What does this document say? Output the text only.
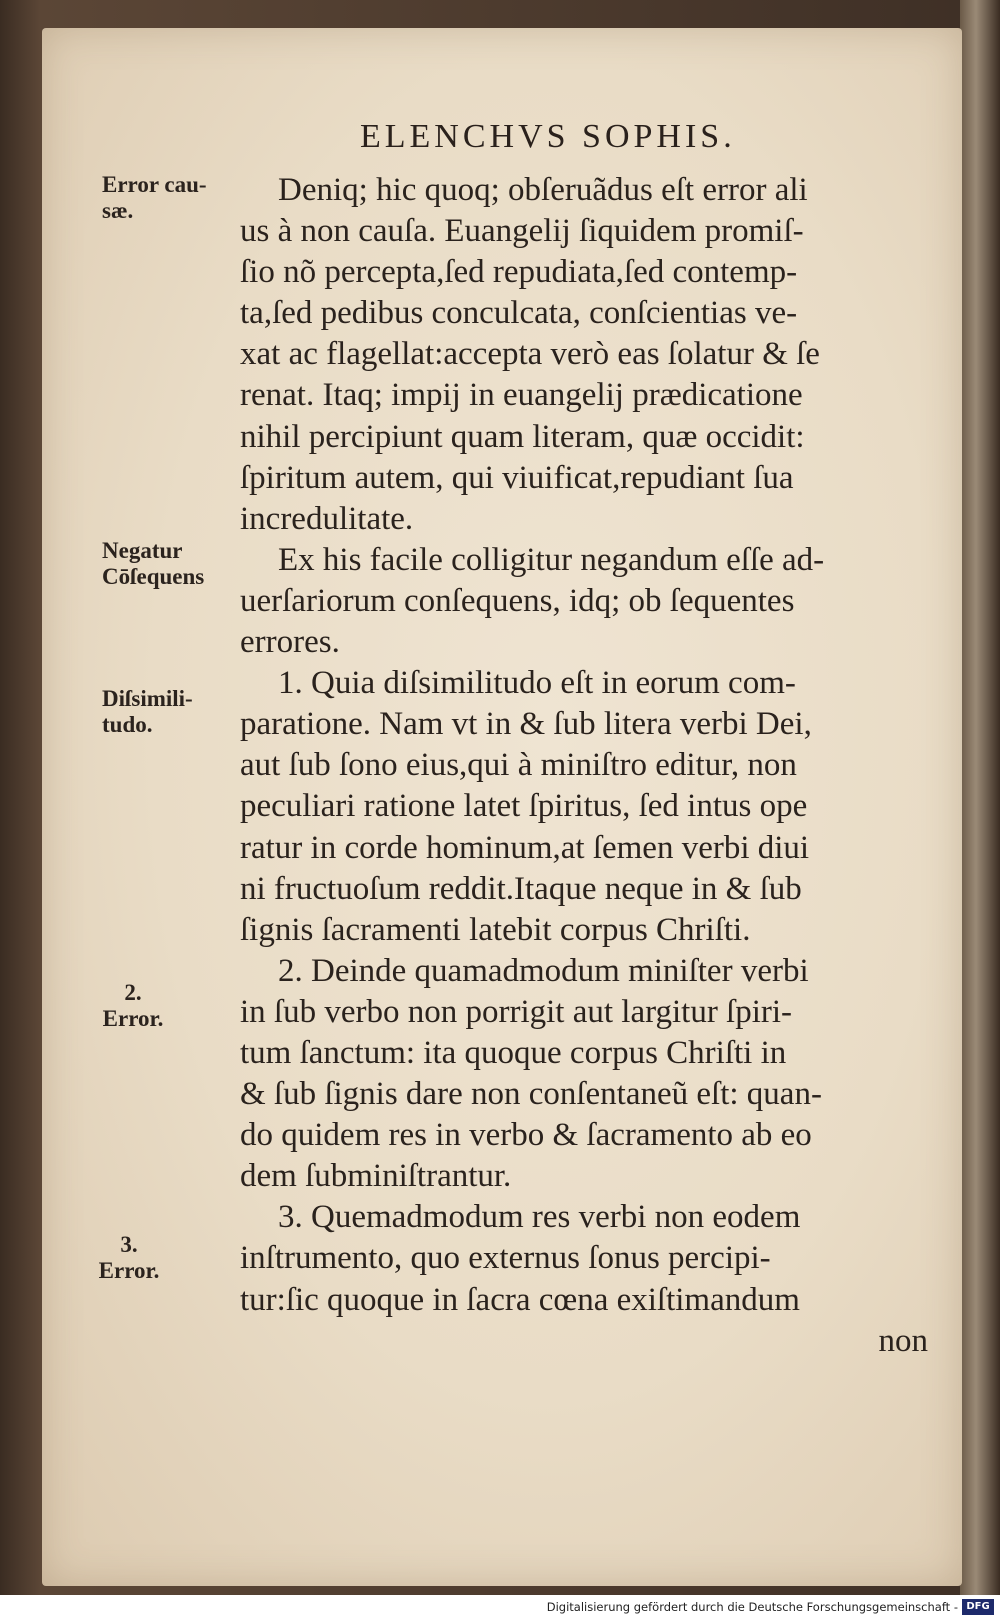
ELENCHVS SOPHIS.
Error cau-
sæ.
Negatur
Cōſequens
Diſsimili-
tudo.
2.
Error.
3.
Error.
Deniq; hic quoq; obſeruãdus eſt error ali
us à non cauſa. Euangelij ſiquidem promiſ-
ſio nõ percepta,ſed repudiata,ſed contemp-
ta,ſed pedibus conculcata, conſcientias ve-
xat ac flagellat:accepta verò eas ſolatur & ſe
renat. Itaq; impij in euangelij prædicatione
nihil percipiunt quam literam, quæ occidit:
ſpiritum autem, qui viuificat,repudiant ſua
incredulitate.
Ex his facile colligitur negandum eſſe ad-
uerſariorum conſequens, idq; ob ſequentes
errores.
1. Quia diſsimilitudo eſt in eorum com-
paratione. Nam vt in & ſub litera verbi Dei,
aut ſub ſono eius,qui à miniſtro editur, non
peculiari ratione latet ſpiritus, ſed intus ope
ratur in corde hominum,at ſemen verbi diui
ni fructuoſum reddit.Itaque neque in & ſub
ſignis ſacramenti latebit corpus Chriſti.
2. Deinde quamadmodum miniſter verbi
in ſub verbo non porrigit aut largitur ſpiri-
tum ſanctum: ita quoque corpus Chriſti in
& ſub ſignis dare non conſentaneũ eſt: quan-
do quidem res in verbo & ſacramento ab eo
dem ſubminiſtrantur.
3. Quemadmodum res verbi non eodem
inſtrumento, quo externus ſonus percipi-
tur:ſic quoque in ſacra cœna exiſtimandum
non
Digitalisierung gefördert durch die Deutsche Forschungsgemeinschaft - DFG
